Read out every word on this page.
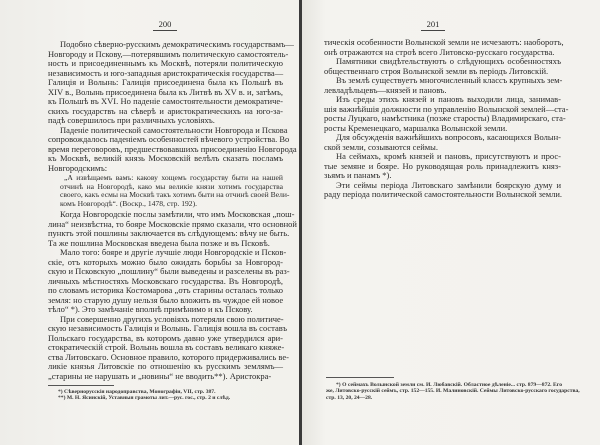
200
Подобно сѣверно-русскимъ демократическимъ государствамъ—
Новгороду и Пскову,—потерявшимъ политическую самостоятель-
ность и присоединеннымъ къ Москвѣ, потеряли политическую
независимость и юго-западныя аристократическiя государства—
Галицiя и Волынь: Галицiя присоединена была къ Польшѣ въ
XIV в., Волынь присоединена была къ Литвѣ въ XV в. и, затѣмъ,
къ Польшѣ въ XVI. Но паденiе самостоятельности демократиче-
скихъ государствъ на сѣверѣ и аристократическихъ на юго-за-
падѣ совершилось при различныхъ условiяхъ.
Паденiе политической самостоятельности Новгорода и Пскова
сопровождалось паденiемъ особенностей вѣчевого устройства. Во
время переговоровъ, предшествовавшихъ присоединенiю Новгорода
къ Москвѣ, великiй князь Московскiй велѣлъ сказать посламъ
Новгородскимъ:
„А извѣщаемъ вамъ: какову хощемъ государству быти на нашей
отчинѣ на Новгородѣ, како мы великiе князи хотимъ государства
своего, какъ есмы на Москвѣ такъ хотимъ быти на отчинѣ своей Вели-
комъ Новгородѣ“. (Воскр., 1478, стр. 192).
Когда Новгородскiе послы замѣтили, что имъ Московская „пош-
лина“ неизвѣстна, то бояре Московскiе прямо сказали, что основной
пунктъ этой пошлины заключается въ слѣдующемъ: вѣчу не быть.
Та же пошлина Московская введена была позже и въ Псковѣ.
Мало того: бояре и другiе лучшiе люди Новгородскiе и Псков-
скiе, отъ которыхъ можно было ожидать борьбы за Новгород-
скую и Псковскую „пошлину“ были выведены и разселены въ раз-
личныхъ мѣстностяхъ Московскаго государства. Въ Новгородѣ,
по словамъ историка Костомарова „отъ старины осталась только
земля: но старую душу нельзя было вложить въ чуждое ей новое
тѣло“ *). Это замѣчанiе вполнѣ примѣнимо и къ Пскову.
При совершенно другихъ условiяхъ потеряли свою политиче-
скую независимость Галицiя и Волынь. Галицiя вошла въ составъ
Польскаго государства, въ которомъ давно уже утвердился ари-
стократическiй строй. Волынь вошла въ составъ великаго княже-
ства Литовскаго. Основное правило, которого придерживались ве-
ликiе князья Литовскiе по отношенiю къ русскимъ землямъ—
„старины не нарушать и „новины“ не вводить**). Аристокра-
*) Сѣвернорусскiя народоправства, Монографiи, VII, стр. 387.
**) М. Н. Ясинскiй, Уставныя грамоты лит.—рус. гос., стр. 2 и слѣд.
201
тическiя особенности Волынской земли не исчезаютъ: наоборотъ,
онѣ отражаются на строѣ всего Литовско-русскаго государства.
Памятники свидѣтельствуютъ о слѣдующихъ особенностяхъ
общественнаго строя Волынской земли въ перiодъ Литовскiй.
Въ землѣ существуетъ многочисленный классъ крупныхъ зем-
левладѣльцевъ—князей и пановъ.
Изъ среды этихъ князей и пановъ выходили лица, занимав-
шiя важнѣйшiя должности по управленiю Волынской землей—ста-
росты Луцкаго, намѣстника (позже старосты) Владимирскаго, ста-
росты Кременецкаго, маршалка Волынской земли.
Для обсужденiя важнѣйшихъ вопросовъ, касающихся Волын-
ской земли, созываются сеймы.
На сеймахъ, кромѣ князей и пановъ, присутствуютъ и прос-
тые земяне и бояре. Но руководящая роль принадлежитъ княз-
зьямъ и панамъ *).
Эти сеймы перiода Литовскаго замѣнили боярскую думу и
раду перiода политической самостоятельности Волынской земли.
*) О сеймахъ Волынской земли см. И. Любавскiй. Областное дѣленiе... стр. 879—872. Его
же, Литовско-русскiй сеймъ, стр. 152—155. И. Малиновскiй. Сеймы Литовско-русскаго государства,
стр. 13, 20, 24—28.
